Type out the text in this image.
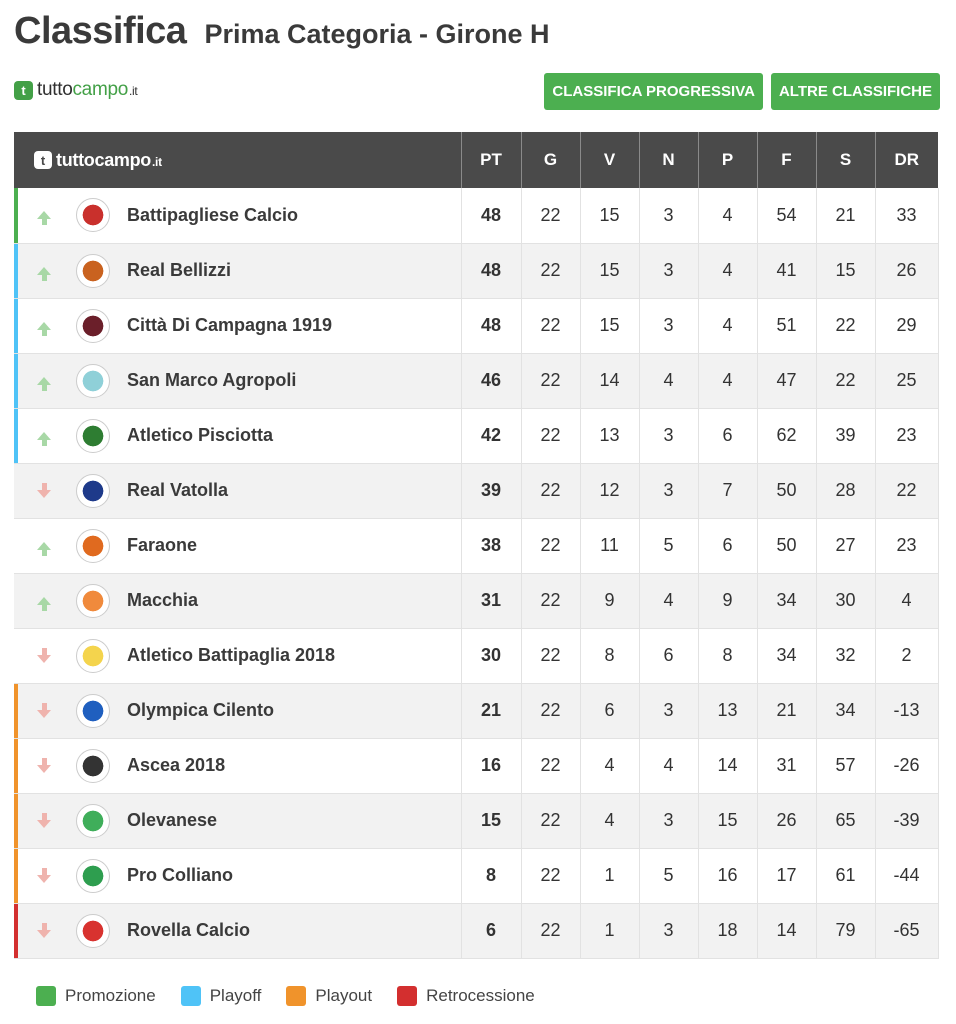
Classifica Prima Categoria - Girone H
t tuttocampo.it	CLASSIFICA PROGRESSIVA	ALTRE CLASSIFICHE
t tuttocampo.it	PT	G	V	N	P	F	S	DR

Battipagliese Calcio	48	22	15	3	4	54	21	33

Real Bellizzi	48	22	15	3	4	41	15	26

Città Di Campagna 1919	48	22	15	3	4	51	22	29

San Marco Agropoli	46	22	14	4	4	47	22	25

Atletico Pisciotta	42	22	13	3	6	62	39	23

Real Vatolla	39	22	12	3	7	50	28	22

Faraone	38	22	11	5	6	50	27	23

Macchia	31	22	9	4	9	34	30	4

Atletico Battipaglia 2018	30	22	8	6	8	34	32	2

Olympica Cilento	21	22	6	3	13	21	34	-13

Ascea 2018	16	22	4	4	14	31	57	-26

Olevanese	15	22	4	3	15	26	65	-39

Pro Colliano	8	22	1	5	16	17	61	-44

Rovella Calcio	6	22	1	3	18	14	79	-65
Promozione	Playoff	Playout	Retrocessione
